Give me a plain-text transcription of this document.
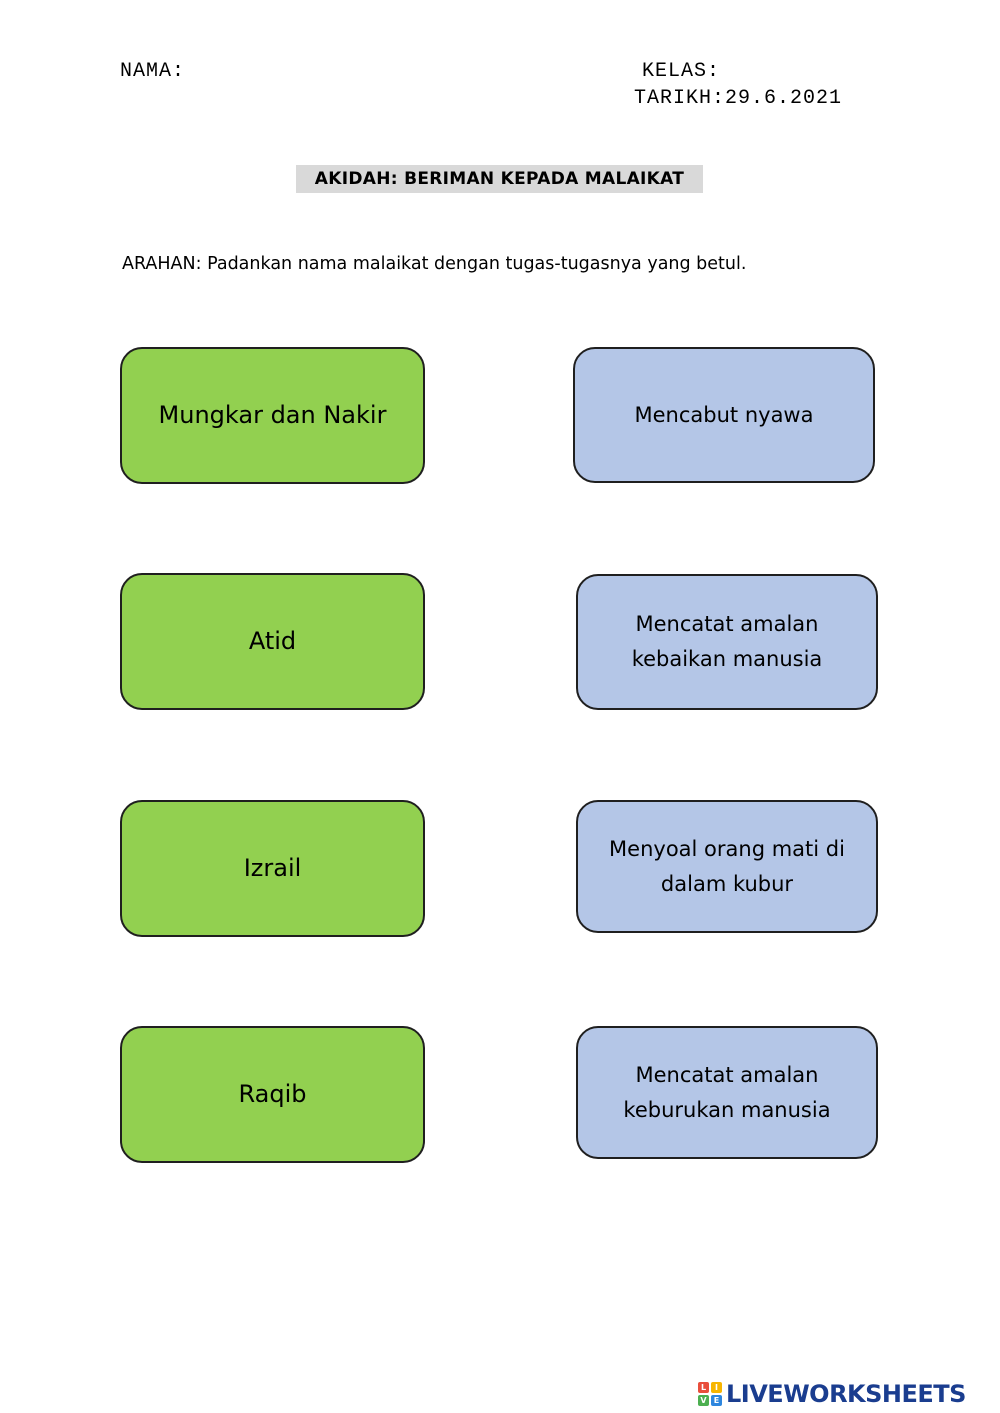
NAMA:	KELAS:
TARIKH:29.6.2021
AKIDAH: BERIMAN KEPADA MALAIKAT
ARAHAN: Padankan nama malaikat dengan tugas-tugasnya yang betul.
Mungkar dan Nakir
Atid
Izrail
Raqib
Mencabut nyawa
Mencatat amalan kebaikan manusia
Menyoal orang mati di dalam kubur
Mencatat amalan keburukan manusia
L	I
V E LIVEWORKSHEETS
